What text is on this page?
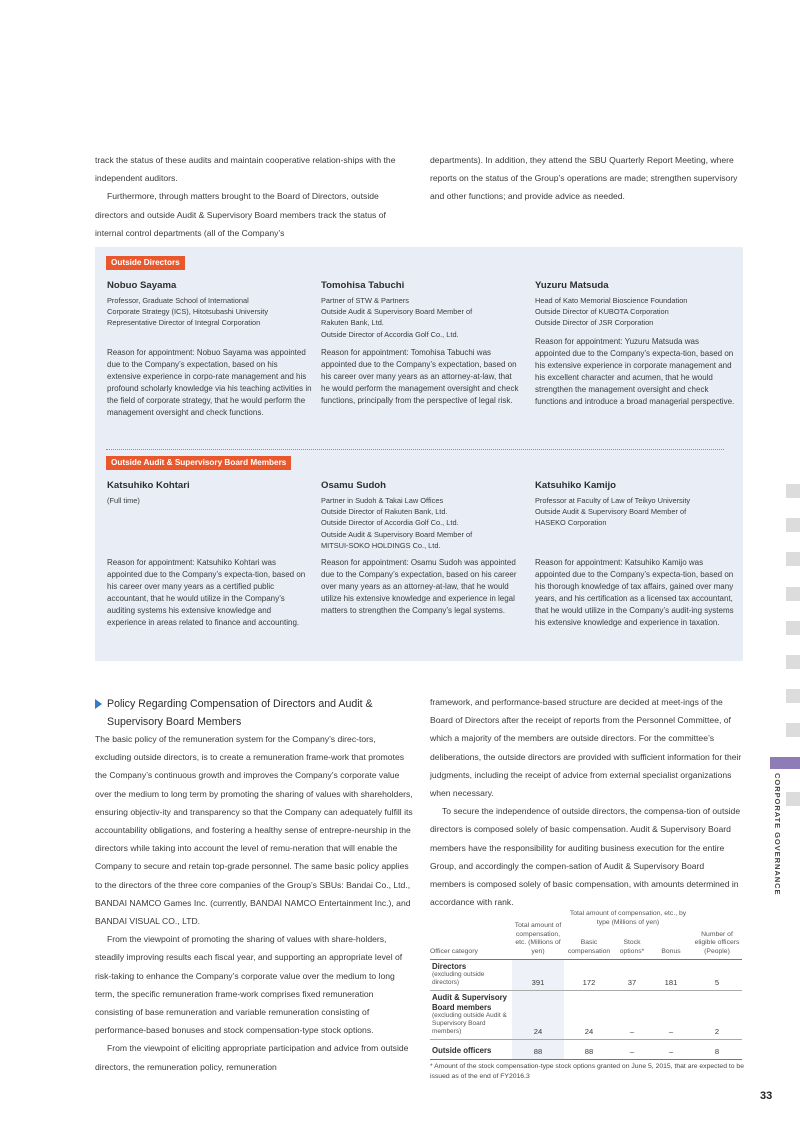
track the status of these audits and maintain cooperative relation-ships with the independent auditors.

Furthermore, through matters brought to the Board of Directors, outside directors and outside Audit & Supervisory Board members track the status of internal control departments (all of the Company’s

departments). In addition, they attend the SBU Quarterly Report Meeting, where reports on the status of the Group’s operations are made; strengthen supervisory and other functions; and provide advice as needed.

Outside Directors
Nobuo Sayama
Professor, Graduate School of International
Corporate Strategy (ICS), Hitotsubashi University
Representative Director of Integral Corporation
Reason for appointment: Nobuo Sayama was appointed due to the Company’s expectation, based on his extensive experience in corpo-rate management and his profound scholarly knowledge via his teaching activities in the field of corporate strategy, that he would perform the management oversight and check functions.
Tomohisa Tabuchi
Partner of STW & Partners
Outside Audit & Supervisory Board Member of
Rakuten Bank, Ltd.
Outside Director of Accordia Golf Co., Ltd.
Reason for appointment: Tomohisa Tabuchi was appointed due to the Company’s expectation, based on his career over many years as an attorney-at-law, that he would perform the management oversight and check functions, principally from the perspective of legal risk.
Yuzuru Matsuda
Head of Kato Memorial Bioscience Foundation
Outside Director of KUBOTA Corporation
Outside Director of JSR Corporation
Reason for appointment: Yuzuru Matsuda was appointed due to the Company’s expecta-tion, based on his extensive experience in corporate management and his excellent character and acumen, that he would strengthen the management oversight and check functions and introduce a broad managerial perspective.
Outside Audit & Supervisory Board Members
Katsuhiko Kohtari
(Full time)
Reason for appointment: Katsuhiko Kohtari was appointed due to the Company’s expecta-tion, based on his career over many years as a certified public accountant, that he would utilize in the Company’s auditing systems his extensive knowledge and experience in areas related to finance and accounting.
Osamu Sudoh
Partner in Sudoh & Takai Law Offices
Outside Director of Rakuten Bank, Ltd.
Outside Director of Accordia Golf Co., Ltd.
Outside Audit & Supervisory Board Member of
MITSUI-SOKO HOLDINGS Co., Ltd.
Reason for appointment: Osamu Sudoh was appointed due to the Company’s expectation, based on his career over many years as an attorney-at-law, that he would utilize his extensive knowledge and experience in legal matters to strengthen the Company’s legal systems.
Katsuhiko Kamijo
Professor at Faculty of Law of Teikyo University
Outside Audit & Supervisory Board Member of
HASEKO Corporation
Reason for appointment: Katsuhiko Kamijo was appointed due to the Company’s expecta-tion, based on his thorough knowledge of tax affairs, gained over many years, and his certification as a licensed tax accountant, that he would utilize in the Company’s audit-ing systems his extensive knowledge and experience in taxation.
Policy Regarding Compensation of Directors and Audit & Supervisory Board Members

The basic policy of the remuneration system for the Company’s direc-tors, excluding outside directors, is to create a remuneration frame-work that promotes the Company’s continuous growth and improves the Company’s corporate value over the medium to long term by promoting the sharing of values with shareholders, ensuring objectiv-ity and transparency so that the Company can adequately fulfill its accountability obligations, and fostering a healthy sense of entrepre-neurship in the directors while taking into account the level of remu-neration that will enable the Company to secure and retain top-grade personnel. The same basic policy applies to the directors of the three core companies of the Group’s SBUs: Bandai Co., Ltd., BANDAI NAMCO Games Inc. (currently, BANDAI NAMCO Entertainment Inc.), and BANDAI VISUAL CO., LTD.

From the viewpoint of promoting the sharing of values with share-holders, steadily improving results each fiscal year, and supporting an appropriate level of risk-taking to enhance the Company’s corporate value over the medium to long term, the specific remuneration frame-work comprises fixed remuneration consisting of base remuneration and variable remuneration consisting of performance-based bonuses and stock compensation-type stock options.

From the viewpoint of eliciting appropriate participation and advice from outside directors, the remuneration policy, remuneration

framework, and performance-based structure are decided at meet-ings of the Board of Directors after the receipt of reports from the Personnel Committee, of which a majority of the members are outside directors. For the committee’s deliberations, the outside directors are provided with sufficient information for their judgments, including the receipt of advice from external specialist organizations when necessary.

To secure the independence of outside directors, the compensa-tion of outside directors is composed solely of basic compensation. Audit & Supervisory Board members have the responsibility for auditing business execution for the entire Group, and accordingly the compen-sation of Audit & Supervisory Board members is composed solely of basic compensation, with amounts determined in accordance with rank.

Officer category	Total amount of compensation, etc. (Millions of yen)	Total amount of compensation, etc., by type (Millions of yen)			Number of eligible officers (People)
		Basic compensation	Stock options*	Bonus	

Directors
(excluding outside directors)	391	172	37	181	5

Audit & Supervisory Board members
(excluding outside Audit & Supervisory Board members)	24	24	–	–	2

Outside officers	88	88	–	–	8
* Amount of the stock compensation-type stock options granted on June 5, 2015, that are expected to be issued as of the end of FY2016.3
CORPORATE GOVERNANCE
33
